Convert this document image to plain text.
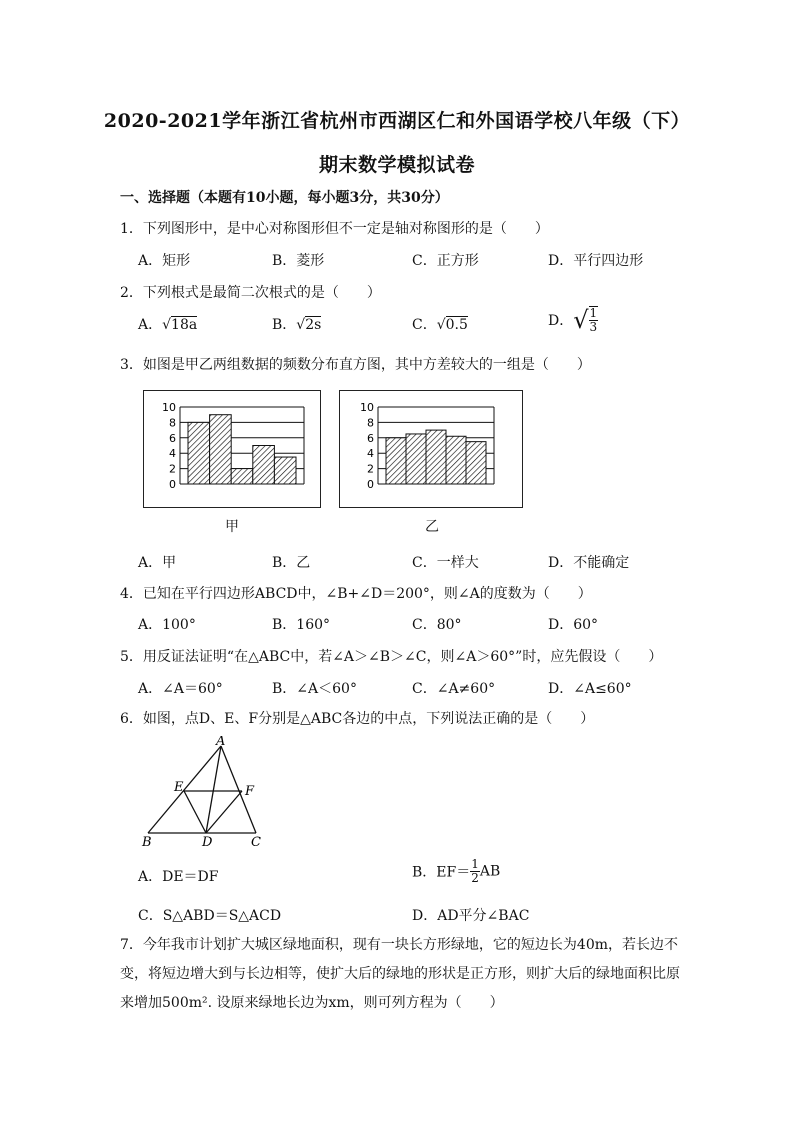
2020-2021学年浙江省杭州市西湖区仁和外国语学校八年级（下）
期末数学模拟试卷
一、选择题（本题有10小题，每小题3分，共30分）
1．下列图形中，是中心对称图形但不一定是轴对称图形的是（　　）
A．矩形	B．菱形	C．正方形	D．平行四边形
2．下列根式是最简二次根式的是（　　）
A．√18a	B．√2s	C．√0.5	D．√ $\frac{1}{3}$
3．如图是甲乙两组数据的频数分布直方图，其中方差较大的一组是（　　）
0
2
4
6
8
10
甲
0
2
4
6
8
10
乙
A．甲	B．乙	C．一样大	D．不能确定
4．已知在平行四边形ABCD中，∠B+∠D＝200°，则∠A的度数为（　　）
A．100°	B．160°	C．80°	D．60°
5．用反证法证明“在△ABC中，若∠A＞∠B＞∠C，则∠A＞60°”时，应先假设（　　）
A．∠A＝60°	B．∠A＜60°	C．∠A≠60°	D．∠A≤60°
6．如图，点D、E、F分别是△ABC各边的中点，下列说法正确的是（　　）
A
B	C
D
E	F
A．DE＝DF	B．$EF= \frac{1}{2}$ AB
C．S△ABD＝S△ACD	D．AD平分∠BAC
7．今年我市计划扩大城区绿地面积，现有一块长方形绿地，它的短边长为40m，若长边不变，将短边增大到与长边相等，使扩大后的绿地的形状是正方形，则扩大后的绿地面积比原来增加500m². 设原来绿地长边为xm，则可列方程为（　　）
